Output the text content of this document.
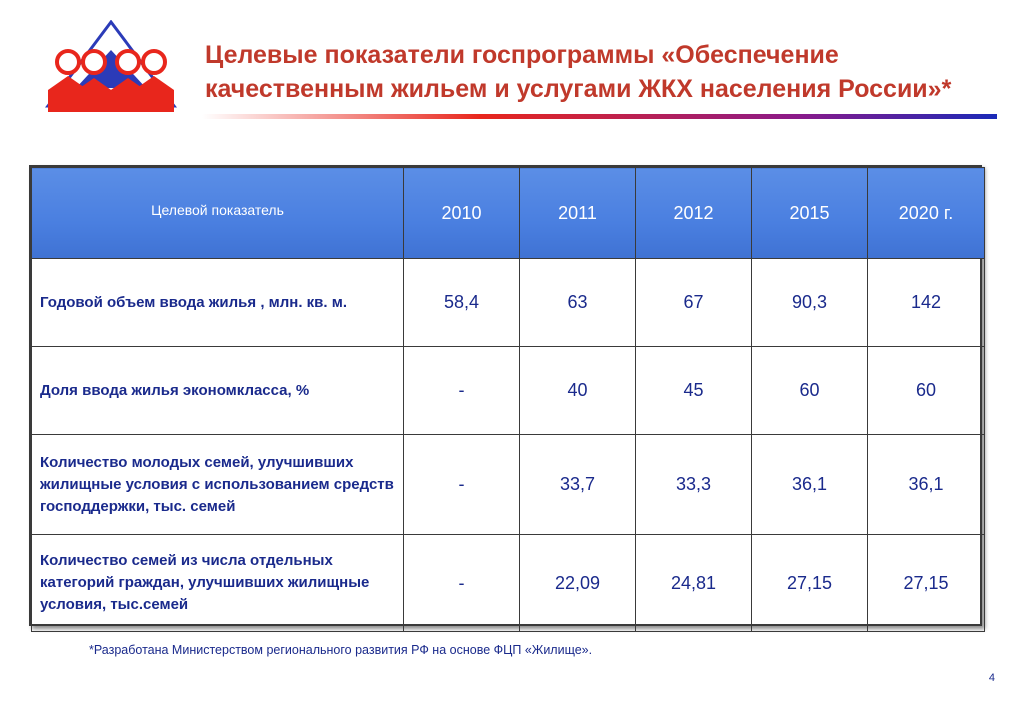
Целевые показатели госпрограммы «Обеспечение
качественным жильем и услугами ЖКХ населения России»*
Целевой показатель	2010	2011	2012	2015	2020 г.
Годовой объем ввода жилья , млн. кв. м.	58,4	63	67	90,3	142
Доля ввода жилья экономкласса, %	-	40	45	60	60
Количество молодых семей, улучшивших жилищные условия с использованием средств господдержки, тыс. семей	-	33,7	33,3	36,1	36,1
Количество семей из числа отдельных категорий граждан, улучшивших жилищные условия, тыс.семей	-	22,09	24,81	27,15	27,15
*Разработана Министерством регионального развития РФ на основе ФЦП «Жилище».
4
